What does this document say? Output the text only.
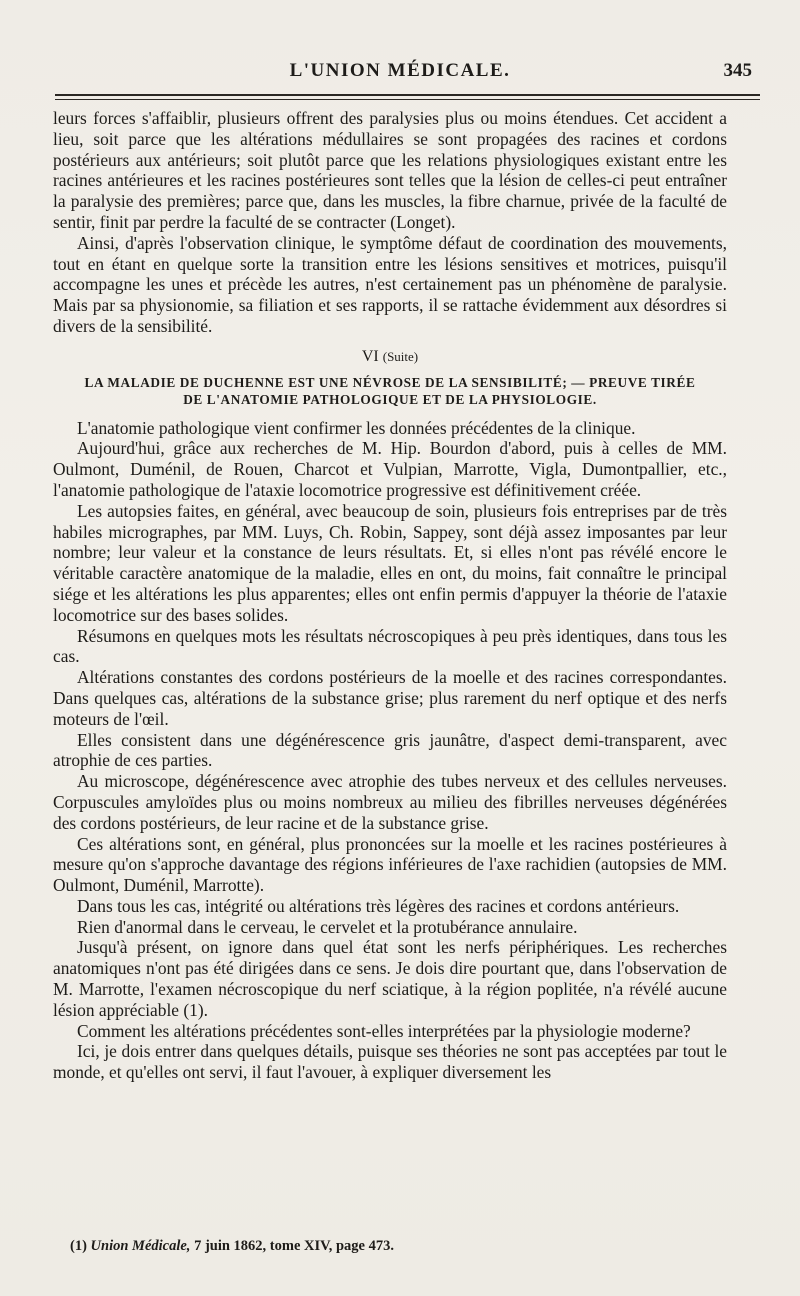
L'UNION MÉDICALE.	345

leurs forces s'affaiblir, plusieurs offrent des paralysies plus ou moins étendues. Cet accident a lieu, soit parce que les altérations médullaires se sont propagées des racines et cordons postérieurs aux antérieurs; soit plutôt parce que les relations physiologiques existant entre les racines antérieures et les racines postérieures sont telles que la lésion de celles-ci peut entraîner la paralysie des premières; parce que, dans les muscles, la fibre charnue, privée de la faculté de sentir, finit par perdre la faculté de se contracter (Longet).

Ainsi, d'après l'observation clinique, le symptôme défaut de coordination des mouvements, tout en étant en quelque sorte la transition entre les lésions sensitives et motrices, puisqu'il accompagne les unes et précède les autres, n'est certainement pas un phénomène de paralysie. Mais par sa physionomie, sa filiation et ses rapports, il se rattache évidemment aux désordres si divers de la sensibilité.

VI (Suite)
LA MALADIE DE DUCHENNE EST UNE NÉVROSE DE LA SENSIBILITÉ; — PREUVE TIRÉE
DE L'ANATOMIE PATHOLOGIQUE ET DE LA PHYSIOLOGIE.

L'anatomie pathologique vient confirmer les données précédentes de la clinique.

Aujourd'hui, grâce aux recherches de M. Hip. Bourdon d'abord, puis à celles de MM. Oulmont, Duménil, de Rouen, Charcot et Vulpian, Marrotte, Vigla, Dumontpallier, etc., l'anatomie pathologique de l'ataxie locomotrice progressive est définitivement créée.

Les autopsies faites, en général, avec beaucoup de soin, plusieurs fois entreprises par de très habiles micrographes, par MM. Luys, Ch. Robin, Sappey, sont déjà assez imposantes par leur nombre; leur valeur et la constance de leurs résultats. Et, si elles n'ont pas révélé encore le véritable caractère anatomique de la maladie, elles en ont, du moins, fait connaître le principal siége et les altérations les plus apparentes; elles ont enfin permis d'appuyer la théorie de l'ataxie locomotrice sur des bases solides.

Résumons en quelques mots les résultats nécroscopiques à peu près identiques, dans tous les cas.

Altérations constantes des cordons postérieurs de la moelle et des racines correspondantes. Dans quelques cas, altérations de la substance grise; plus rarement du nerf optique et des nerfs moteurs de l'œil.

Elles consistent dans une dégénérescence gris jaunâtre, d'aspect demi-transparent, avec atrophie de ces parties.

Au microscope, dégénérescence avec atrophie des tubes nerveux et des cellules nerveuses. Corpuscules amyloïdes plus ou moins nombreux au milieu des fibrilles nerveuses dégénérées des cordons postérieurs, de leur racine et de la substance grise.

Ces altérations sont, en général, plus prononcées sur la moelle et les racines postérieures à mesure qu'on s'approche davantage des régions inférieures de l'axe rachidien (autopsies de MM. Oulmont, Duménil, Marrotte).

Dans tous les cas, intégrité ou altérations très légères des racines et cordons antérieurs.

Rien d'anormal dans le cerveau, le cervelet et la protubérance annulaire.

Jusqu'à présent, on ignore dans quel état sont les nerfs périphériques. Les recherches anatomiques n'ont pas été dirigées dans ce sens. Je dois dire pourtant que, dans l'observation de M. Marrotte, l'examen nécroscopique du nerf sciatique, à la région poplitée, n'a révélé aucune lésion appréciable (1).

Comment les altérations précédentes sont-elles interprétées par la physiologie moderne?

Ici, je dois entrer dans quelques détails, puisque ses théories ne sont pas acceptées par tout le monde, et qu'elles ont servi, il faut l'avouer, à expliquer diversement les

(1) Union Médicale, 7 juin 1862, tome XIV, page 473.
